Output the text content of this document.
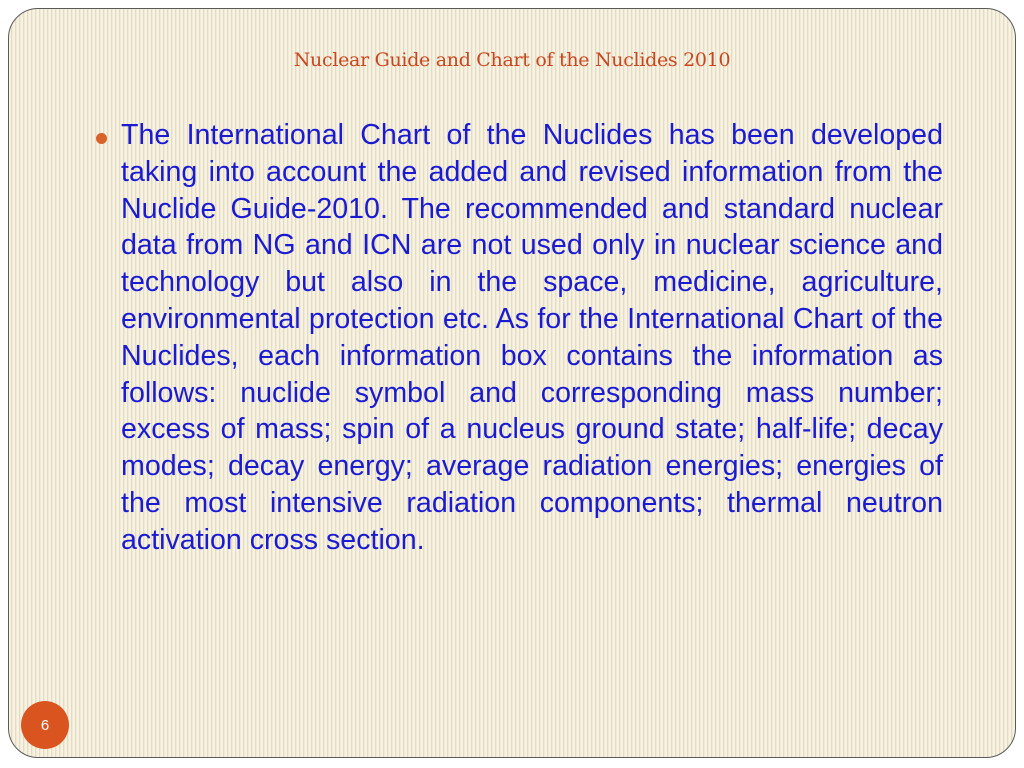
Nuclear Guide and Chart of the Nuclides 2010

The International Chart of the Nuclides has been developed taking into account the added and revised information from the Nuclide Guide-2010. The recommended and standard nuclear data from NG and ICN are not used only in nuclear science and technology but also in the space, medicine, agriculture, environmental protection etc. As for the International Chart of the Nuclides, each information box contains the information as follows: nuclide symbol and corresponding mass number; excess of mass; spin of a nucleus ground state; half-life; decay modes; decay energy; average radiation energies; energies of the most intensive radiation components; thermal neutron activation cross section.

6
